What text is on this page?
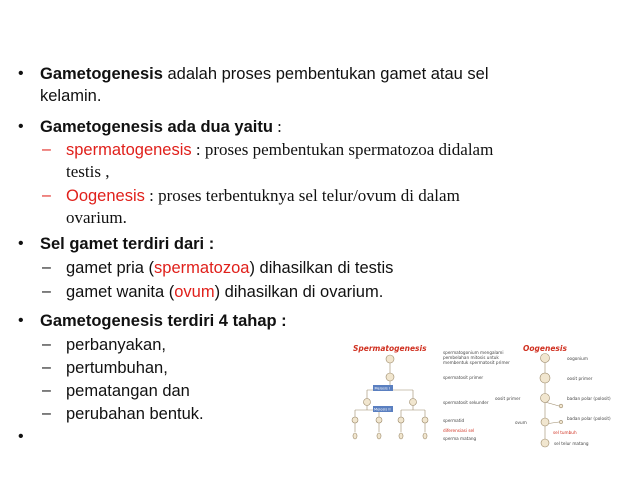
• Gametogenesis adalah proses pembentukan gamet atau sel
kelamin.
• Gametogenesis ada dua yaitu :
– spermatogenesis : proses pembentukan spermatozoa didalam
testis ,
– Oogenesis : proses terbentuknya sel telur/ovum di dalam
ovarium.
• Sel gamet terdiri dari :
– gamet pria (spermatozoa) dihasilkan di testis
– gamet wanita (ovum) dihasilkan di ovarium.
• Gametogenesis terdiri 4 tahap :
– perbanyakan,
– pertumbuhan,
– pematangan dan
– perubahan bentuk.
•
Spermatogenesis	Oogenesis
Meiosis I
Meiosis II
spermatogonium mengalami
pembelahan mitosis untuk
membentuk spermatosit primer
spermatosit primer
spermatosit sekunder
spermatid
diferensiasi sel
sperma matang
oogonium
oosit primer
oosit primer	badan polar (polosit)
badan polar (polosit)
sel tumbuh
ovum
sel telur matang
